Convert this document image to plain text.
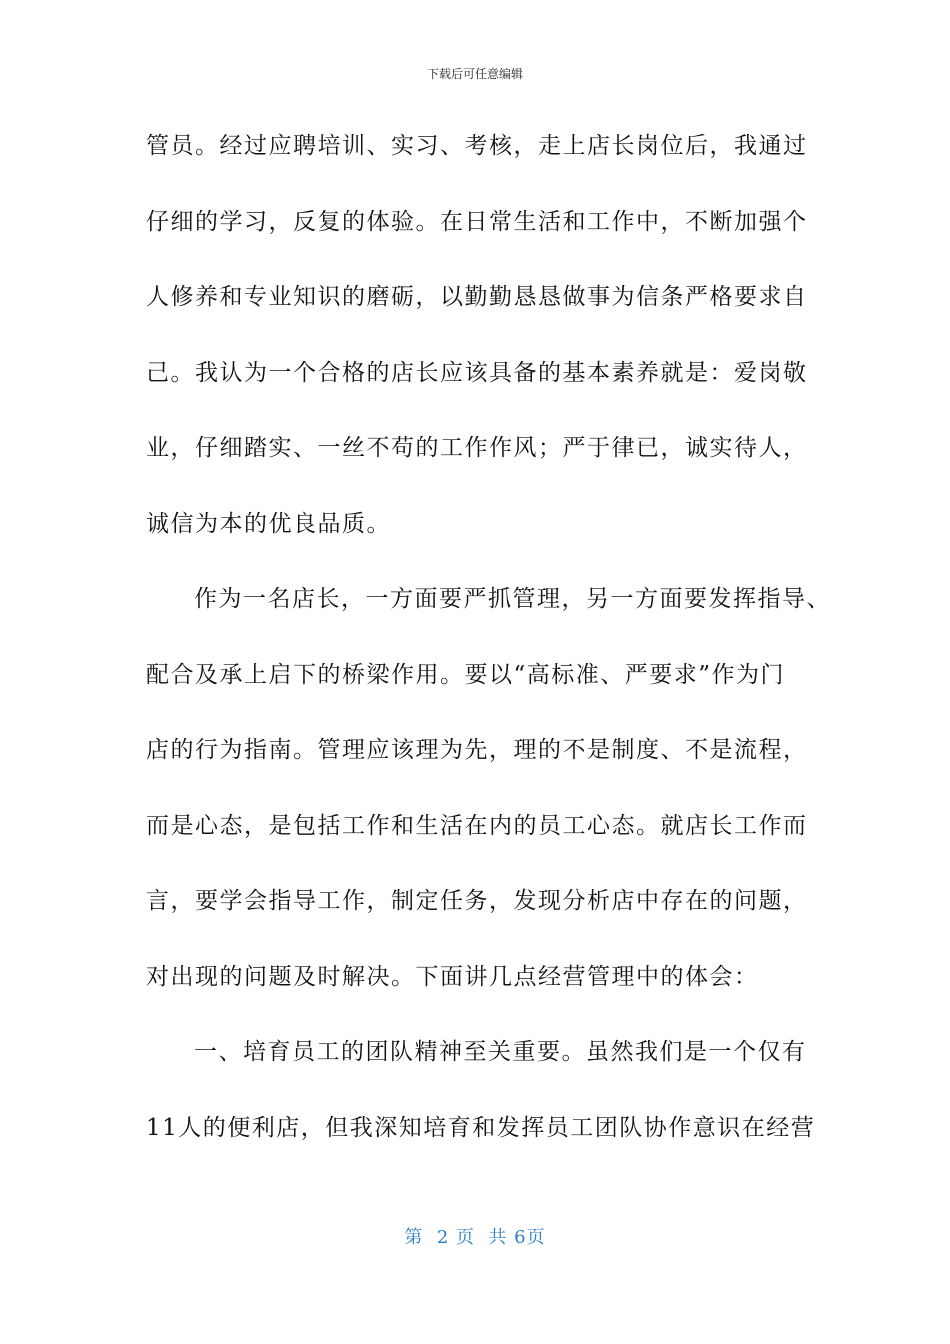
下载后可任意编辑
管员。经过应聘培训、实习、考核，走上店长岗位后，我通过
仔细的学习，反复的体验。在日常生活和工作中，不断加强个
人修养和专业知识的磨砺，以勤勤恳恳做事为信条严格要求自
己。我认为一个合格的店长应该具备的基本素养就是：爱岗敬
业，仔细踏实、一丝不苟的工作作风；严于律已，诚实待人，
诚信为本的优良品质。
作为一名店长，一方面要严抓管理，另一方面要发挥指导、
配合及承上启下的桥梁作用。要以“高标准、严要求”作为门
店的行为指南。管理应该理为先，理的不是制度、不是流程，
而是心态，是包括工作和生活在内的员工心态。就店长工作而
言，要学会指导工作，制定任务，发现分析店中存在的问题，
对出现的问题及时解决。下面讲几点经营管理中的体会：
一、培育员工的团队精神至关重要。虽然我们是一个仅有
11人的便利店，但我深知培育和发挥员工团队协作意识在经营
第  2 页  共 6页
